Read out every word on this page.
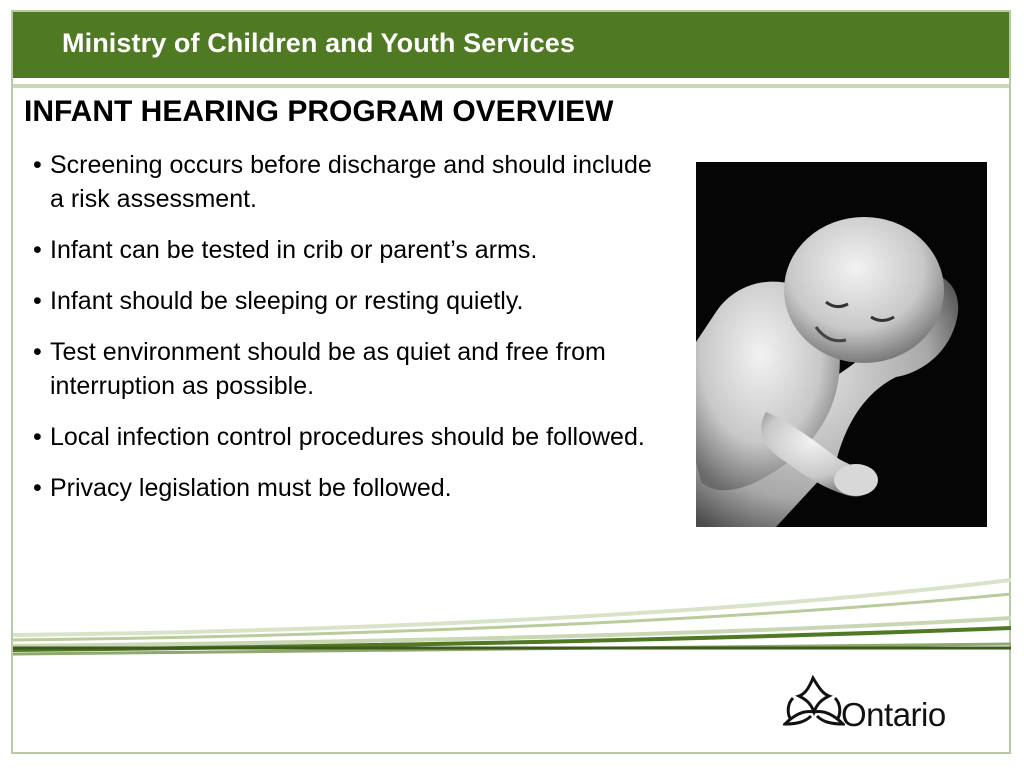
Ministry of Children and Youth Services
INFANT HEARING PROGRAM OVERVIEW
• Screening occurs before discharge and should include a risk assessment.
• Infant can be tested in crib or parent’s arms.
• Infant should be sleeping or resting quietly.
• Test environment should be as quiet and free from interruption as possible.
• Local infection control procedures should be followed.
• Privacy legislation must be followed.
Ontario
